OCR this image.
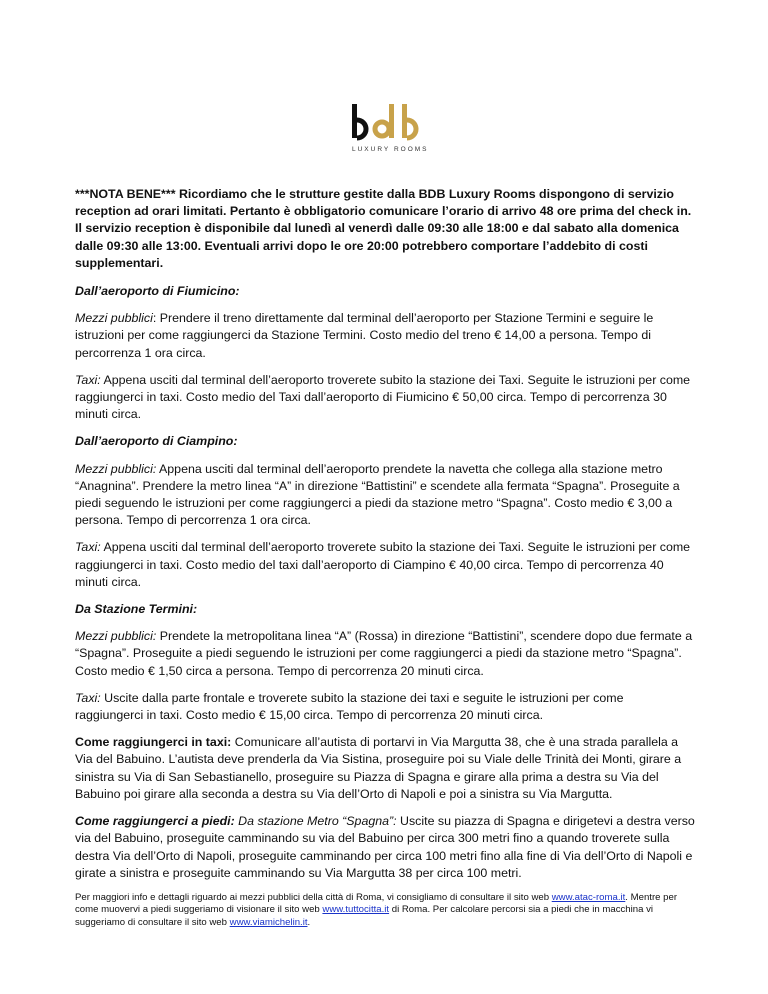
LUXURY ROOMS

***NOTA BENE*** Ricordiamo che le strutture gestite dalla BDB Luxury Rooms dispongono di servizio reception ad orari limitati. Pertanto è obbligatorio comunicare l’orario di arrivo 48 ore prima del check in. Il servizio reception è disponibile dal lunedì al venerdì dalle 09:30 alle 18:00 e dal sabato alla domenica dalle 09:30 alle 13:00. Eventuali arrivi dopo le ore 20:00 potrebbero comportare l’addebito di costi supplementari.

Dall’aeroporto di Fiumicino:

Mezzi pubblici: Prendere il treno direttamente dal terminal dell’aeroporto per Stazione Termini e seguire le istruzioni per come raggiungerci da Stazione Termini. Costo medio del treno € 14,00 a persona. Tempo di percorrenza 1 ora circa.

Taxi: Appena usciti dal terminal dell’aeroporto troverete subito la stazione dei Taxi. Seguite le istruzioni per come raggiungerci in taxi. Costo medio del Taxi dall’aeroporto di Fiumicino € 50,00 circa. Tempo di percorrenza 30 minuti circa.

Dall’aeroporto di Ciampino:

Mezzi pubblici: Appena usciti dal terminal dell’aeroporto prendete la navetta che collega alla stazione metro “Anagnina”. Prendere la metro linea “A” in direzione “Battistini” e scendete alla fermata “Spagna”. Proseguite a piedi seguendo le istruzioni per come raggiungerci a piedi da stazione metro “Spagna”. Costo medio € 3,00 a persona. Tempo di percorrenza 1 ora circa.

Taxi: Appena usciti dal terminal dell’aeroporto troverete subito la stazione dei Taxi. Seguite le istruzioni per come raggiungerci in taxi. Costo medio del taxi dall’aeroporto di Ciampino € 40,00 circa. Tempo di percorrenza 40 minuti circa.

Da Stazione Termini:

Mezzi pubblici: Prendete la metropolitana linea “A” (Rossa) in direzione “Battistini”, scendere dopo due fermate a “Spagna”. Proseguite a piedi seguendo le istruzioni per come raggiungerci a piedi da stazione metro “Spagna”. Costo medio € 1,50 circa a persona. Tempo di percorrenza 20 minuti circa.

Taxi: Uscite dalla parte frontale e troverete subito la stazione dei taxi e seguite le istruzioni per come raggiungerci in taxi. Costo medio € 15,00 circa. Tempo di percorrenza 20 minuti circa.

Come raggiungerci in taxi: Comunicare all’autista di portarvi in Via Margutta 38, che è una strada parallela a Via del Babuino. L’autista deve prenderla da Via Sistina, proseguire poi su Viale delle Trinità dei Monti, girare a sinistra su Via di San Sebastianello, proseguire su Piazza di Spagna e girare alla prima a destra su Via del Babuino poi girare alla seconda a destra su Via dell’Orto di Napoli e poi a sinistra su Via Margutta.

Come raggiungerci a piedi: Da stazione Metro “Spagna”: Uscite su piazza di Spagna e dirigetevi a destra verso via del Babuino, proseguite camminando su via del Babuino per circa 300 metri fino a quando troverete sulla destra Via dell’Orto di Napoli, proseguite camminando per circa 100 metri fino alla fine di Via dell’Orto di Napoli e girate a sinistra e proseguite camminando su Via Margutta 38 per circa 100 metri.

Per maggiori info e dettagli riguardo ai mezzi pubblici della città di Roma, vi consigliamo di consultare il sito web www.atac-roma.it. Mentre per come muovervi a piedi suggeriamo di visionare il sito web www.tuttocitta.it di Roma. Per calcolare percorsi sia a piedi che in macchina vi suggeriamo di consultare il sito web www.viamichelin.it.
